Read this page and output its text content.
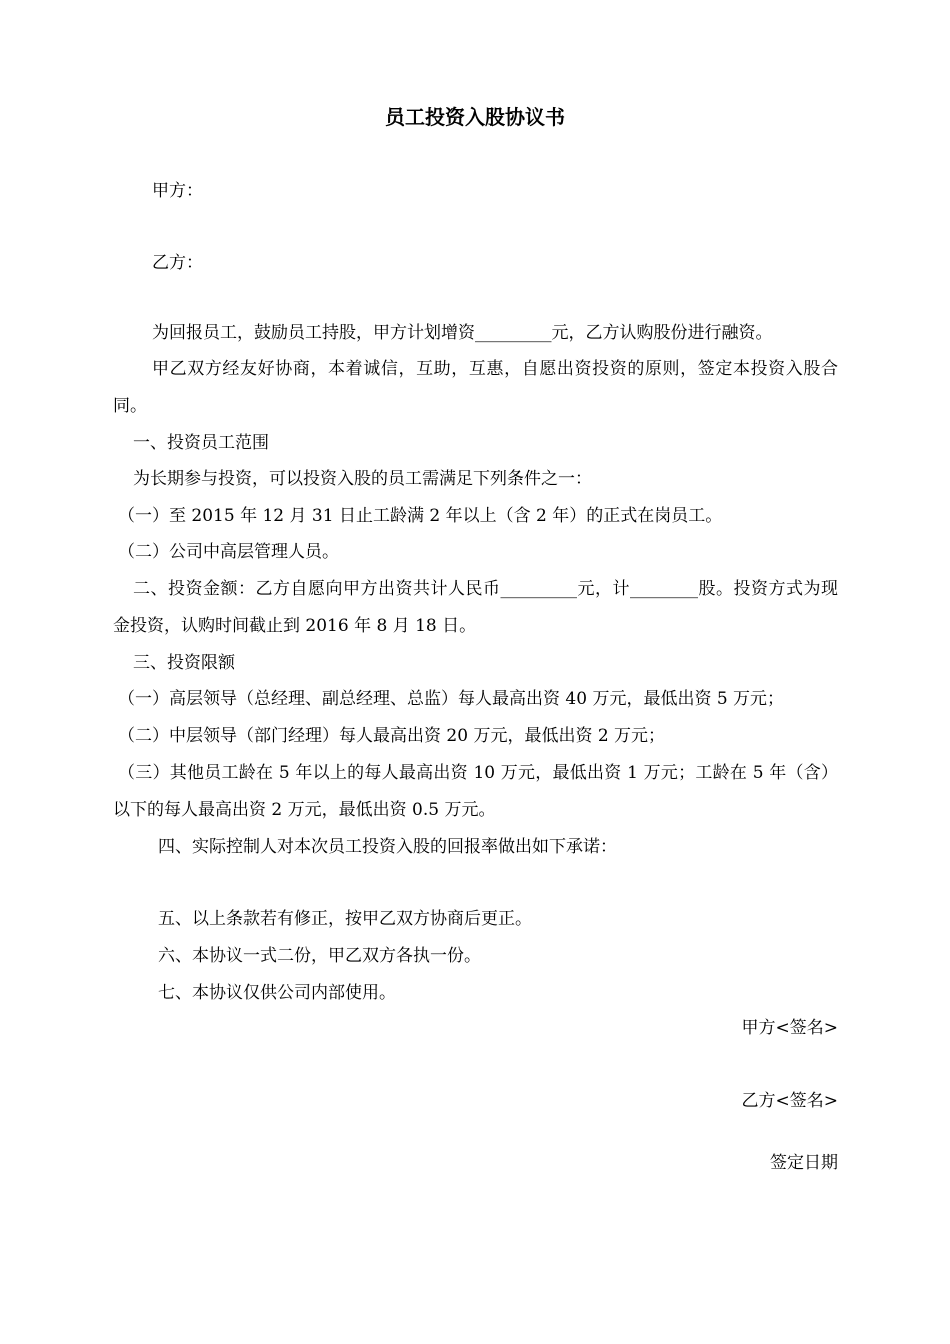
员工投资入股协议书
甲方：
乙方：
为回报员工，鼓励员工持股，甲方计划增资_________元，乙方认购股份进行融资。
甲乙双方经友好协商，本着诚信，互助，互惠，自愿出资投资的原则，签定本投资入股合同。
一、投资员工范围
为长期参与投资，可以投资入股的员工需满足下列条件之一：
（一）至 2015 年 12 月 31 日止工龄满 2 年以上（含 2 年）的正式在岗员工。
（二）公司中高层管理人员。
二、投资金额：乙方自愿向甲方出资共计人民币_________元，计________股。投资方式为现金投资，认购时间截止到 2016 年 8 月 18 日。
三、投资限额
（一）高层领导（总经理、副总经理、总监）每人最高出资 40 万元，最低出资 5 万元；
（二）中层领导（部门经理）每人最高出资 20 万元，最低出资 2 万元；
（三）其他员工龄在 5 年以上的每人最高出资 10 万元，最低出资 1 万元；工龄在 5 年（含）以下的每人最高出资 2 万元，最低出资 0.5 万元。
四、实际控制人对本次员工投资入股的回报率做出如下承诺：
五、以上条款若有修正，按甲乙双方协商后更正。
六、本协议一式二份，甲乙双方各执一份。
七、本协议仅供公司内部使用。
甲方<签名>
乙方<签名>
签定日期
